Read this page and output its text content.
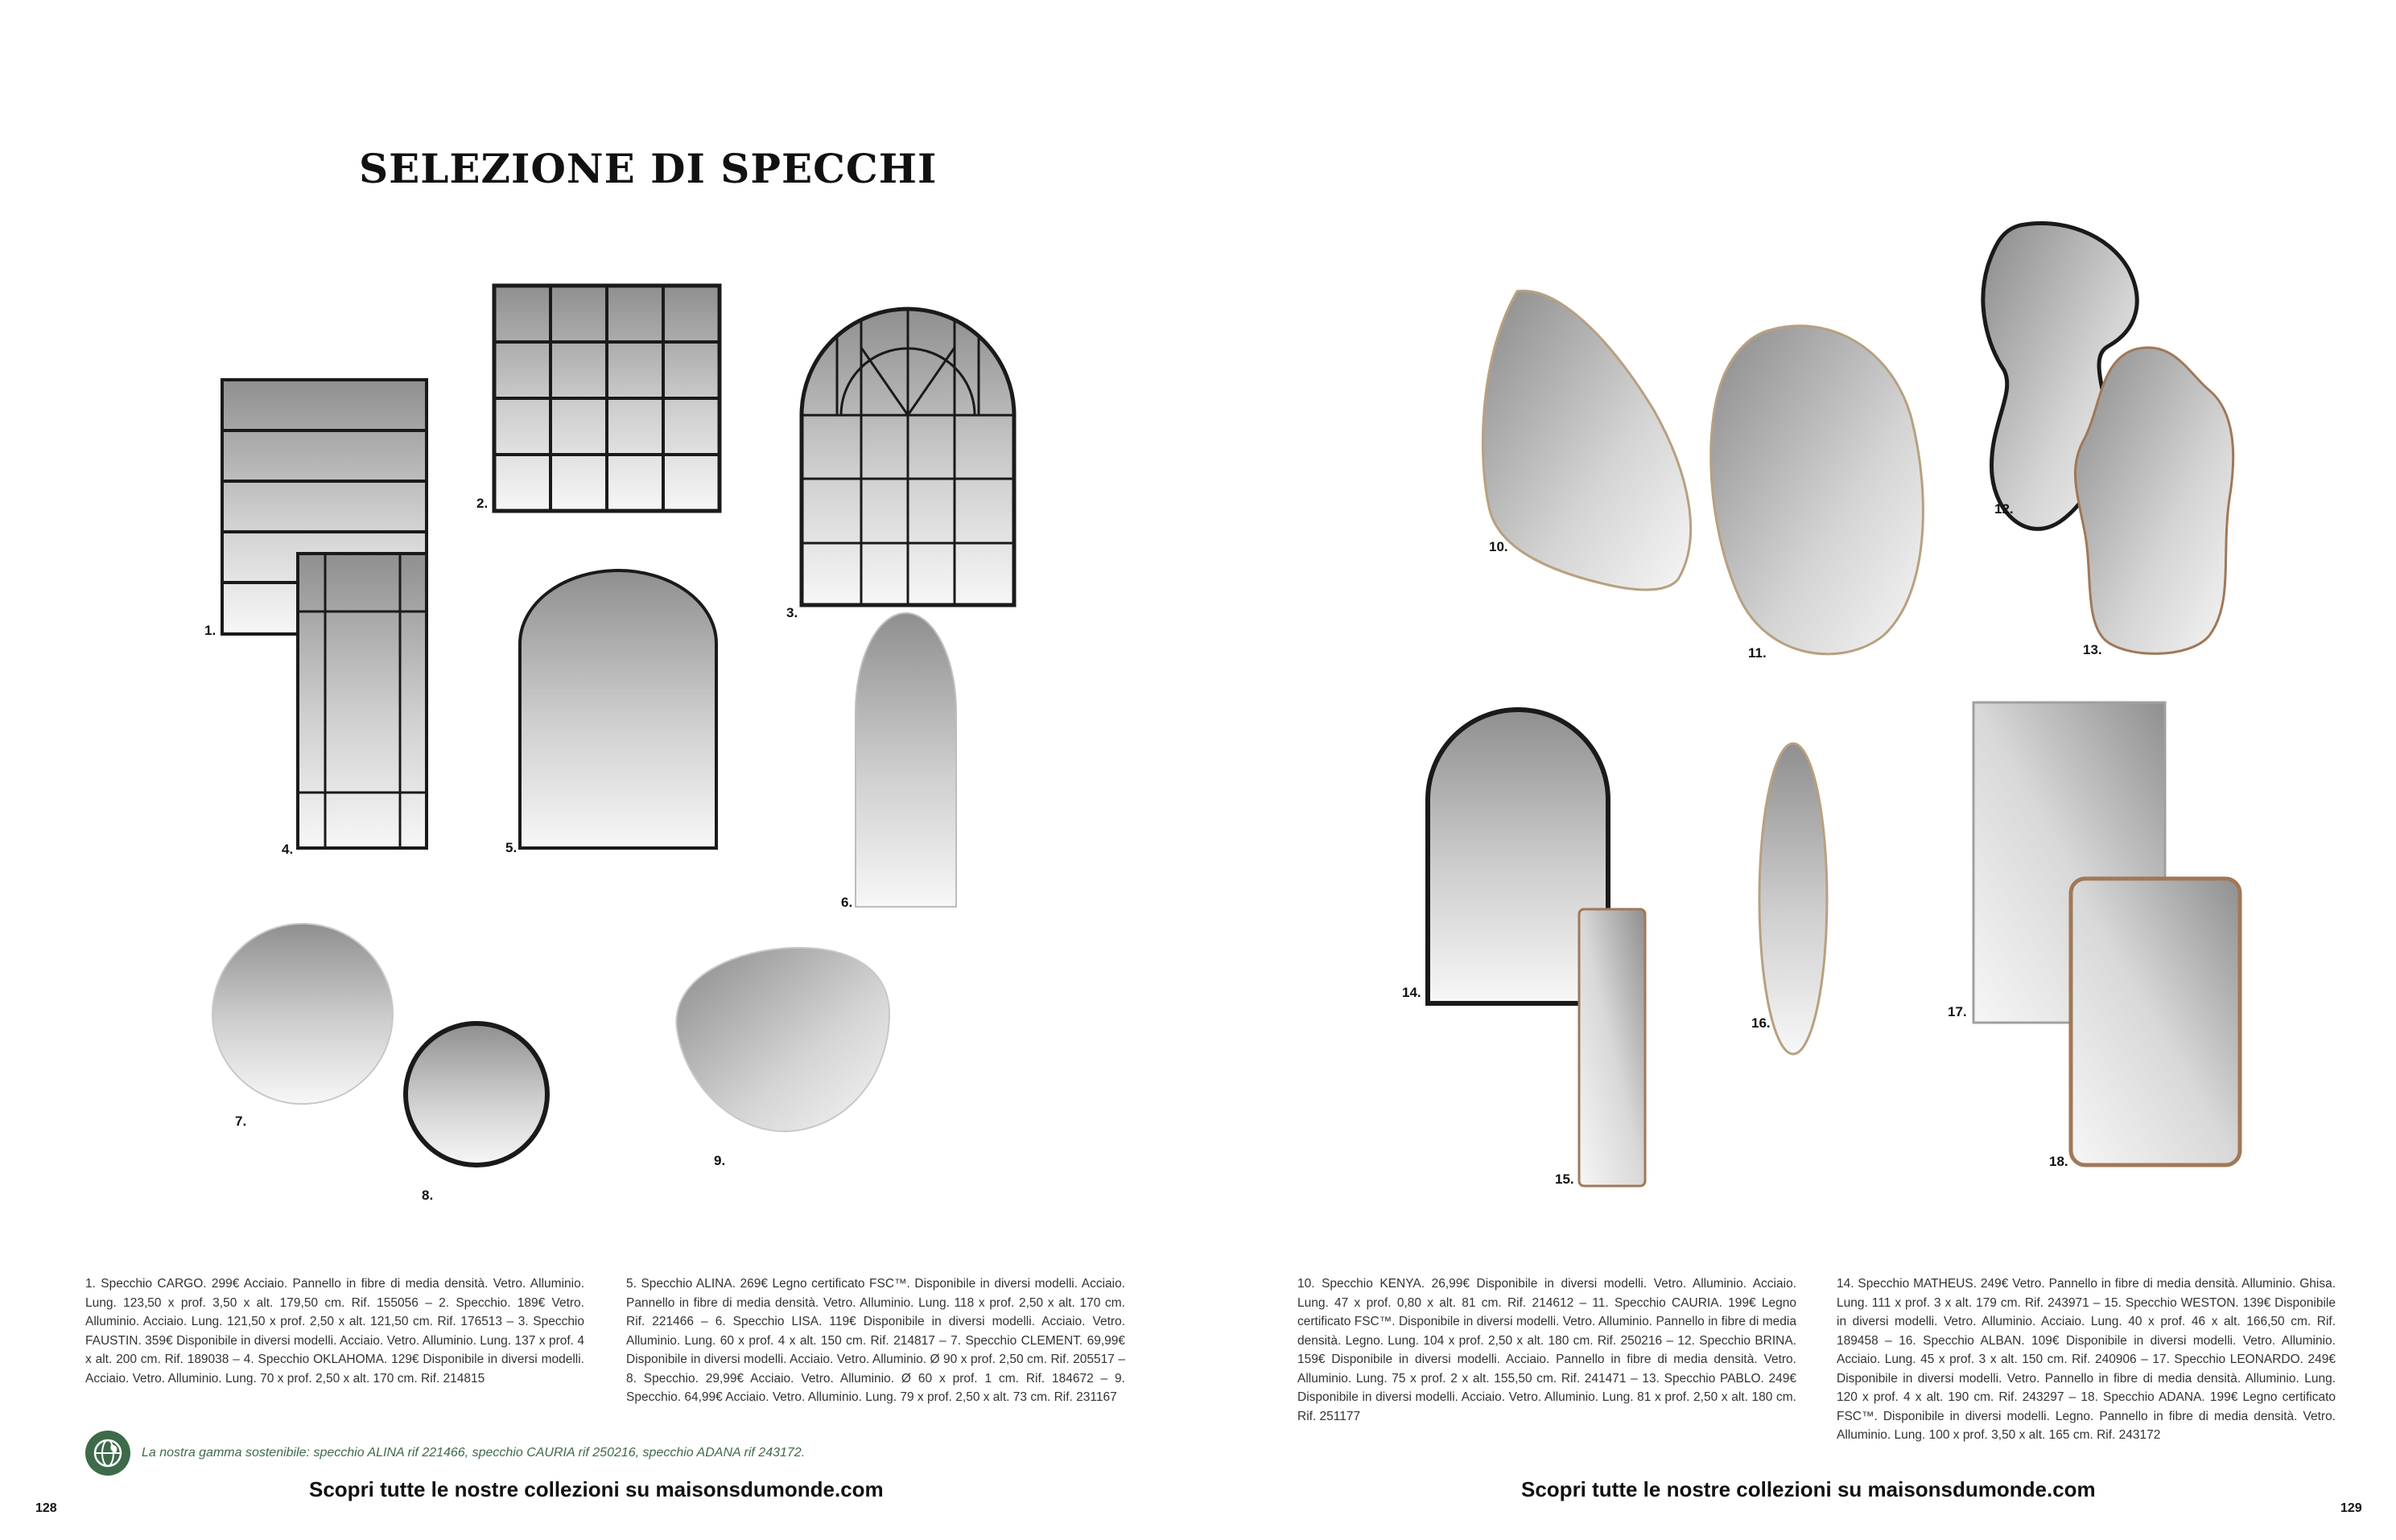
SELEZIONE DI SPECCHI
1.
2.
3.
4.	5.
6.
7.
8.
9.
10.
11.
12.
13.
14.
15.
16.
17.
18.

1. Specchio CARGO. 299€ Acciaio. Pannello in fibre di media densità. Vetro. Alluminio. Lung. 123,50 x prof. 3,50 x alt. 179,50 cm. Rif. 155056 – 2. Specchio. 189€ Vetro. Alluminio. Acciaio. Lung. 121,50 x prof. 2,50 x alt. 121,50 cm. Rif. 176513 – 3. Specchio FAUSTIN. 359€ Disponibile in diversi modelli. Acciaio. Vetro. Alluminio. Lung. 137 x prof. 4 x alt. 200 cm. Rif. 189038 – 4. Specchio OKLAHOMA. 129€ Disponibile in diversi modelli. Acciaio. Vetro. Alluminio. Lung. 70 x prof. 2,50 x alt. 170 cm. Rif. 214815

5. Specchio ALINA. 269€ Legno certificato FSC™. Disponibile in diversi modelli. Acciaio. Pannello in fibre di media densità. Vetro. Alluminio. Lung. 118 x prof. 2,50 x alt. 170 cm. Rif. 221466 – 6. Specchio LISA. 119€ Disponibile in diversi modelli. Acciaio. Vetro. Alluminio. Lung. 60 x prof. 4 x alt. 150 cm. Rif. 214817 – 7. Specchio CLEMENT. 69,99€ Disponibile in diversi modelli. Acciaio. Vetro. Alluminio. Ø 90 x prof. 2,50 cm. Rif. 205517 – 8. Specchio. 29,99€ Acciaio. Vetro. Alluminio. Ø 60 x prof. 1 cm. Rif. 184672 – 9. Specchio. 64,99€ Acciaio. Vetro. Alluminio. Lung. 79 x prof. 2,50 x alt. 73 cm. Rif. 231167

10. Specchio KENYA. 26,99€ Disponibile in diversi modelli. Vetro. Alluminio. Acciaio. Lung. 47 x prof. 0,80 x alt. 81 cm. Rif. 214612 – 11. Specchio CAURIA. 199€ Legno certificato FSC™. Disponibile in diversi modelli. Vetro. Alluminio. Pannello in fibre di media densità. Legno. Lung. 104 x prof. 2,50 x alt. 180 cm. Rif. 250216 – 12. Specchio BRINA. 159€ Disponibile in diversi modelli. Acciaio. Pannello in fibre di media densità. Vetro. Alluminio. Lung. 75 x prof. 2 x alt. 155,50 cm. Rif. 241471 – 13. Specchio PABLO. 249€ Disponibile in diversi modelli. Acciaio. Vetro. Alluminio. Lung. 81 x prof. 2,50 x alt. 180 cm. Rif. 251177

14. Specchio MATHEUS. 249€ Vetro. Pannello in fibre di media densità. Alluminio. Ghisa. Lung. 111 x prof. 3 x alt. 179 cm. Rif. 243971 – 15. Specchio WESTON. 139€ Disponibile in diversi modelli. Vetro. Alluminio. Acciaio. Lung. 40 x prof. 46 x alt. 166,50 cm. Rif. 189458 – 16. Specchio ALBAN. 109€ Disponibile in diversi modelli. Vetro. Alluminio. Acciaio. Lung. 45 x prof. 3 x alt. 150 cm. Rif. 240906 – 17. Specchio LEONARDO. 249€ Disponibile in diversi modelli. Vetro. Pannello in fibre di media densità. Alluminio. Lung. 120 x prof. 4 x alt. 190 cm. Rif. 243297 – 18. Specchio ADANA. 199€ Legno certificato FSC™. Disponibile in diversi modelli. Legno. Pannello in fibre di media densità. Vetro. Alluminio. Lung. 100 x prof. 3,50 x alt. 165 cm. Rif. 243172

La nostra gamma sostenibile: specchio ALINA rif 221466, specchio CAURIA rif 250216, specchio ADANA rif 243172.
Scopri tutte le nostre collezioni su maisonsdumonde.com	Scopri tutte le nostre collezioni su maisonsdumonde.com
128	129
